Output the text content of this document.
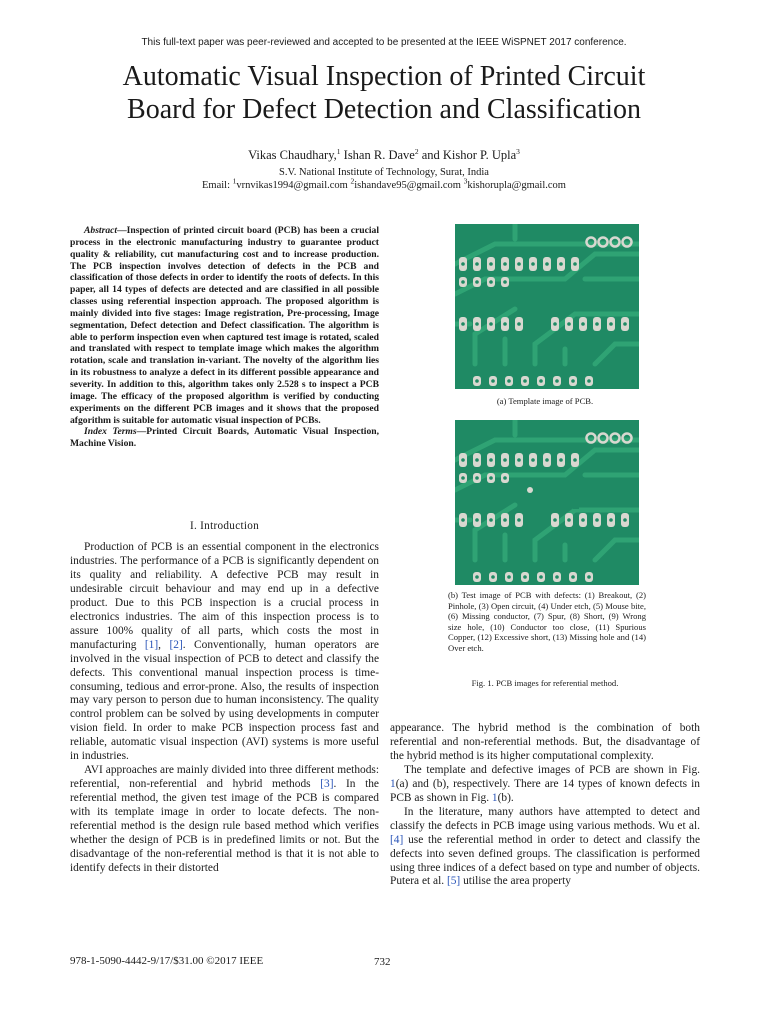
This full-text paper was peer-reviewed and accepted to be presented at the IEEE WiSPNET 2017 conference.
Automatic Visual Inspection of Printed Circuit
Board for Defect Detection and Classification
Vikas Chaudhary,$^1$ Ishan R. Dave$^2$ and Kishor P. Upla$^3$
S.V. National Institute of Technology, Surat, India
Email: $^1$vrnvikas1994@gmail.com $^2$ishandave95@gmail.com $^3$kishorupla@gmail.com

Abstract—Inspection of printed circuit board (PCB) has been a crucial process in the electronic manufacturing industry to guarantee product quality & reliability, cut manufacturing cost and to increase production. The PCB inspection involves detection of defects in the PCB and classification of those defects in order to identify the roots of defects. In this paper, all 14 types of defects are detected and are classified in all possible classes using referential inspection approach. The proposed algorithm is mainly divided into five stages: Image registration, Pre-processing, Image segmentation, Defect detection and Defect classification. The algorithm is able to perform inspection even when captured test image is rotated, scaled and translated with respect to template image which makes the algorithm rotation, scale and translation in-variant. The novelty of the algorithm lies in its robustness to analyze a defect in its different possible appearance and severity. In addition to this, algorithm takes only 2.528 s to inspect a PCB image. The efficacy of the proposed algorithm is verified by conducting experiments on the different PCB images and it shows that the proposed afgorithm is suitable for automatic visual inspection of PCBs.

Index Terms—Printed Circuit Boards, Automatic Visual Inspection, Machine Vision.

I. Introduction

Production of PCB is an essential component in the electronics industries. The performance of a PCB is significantly dependent on its quality and reliability. A defective PCB may result in undesirable circuit behaviour and may end up in a defective product. Due to this PCB inspection is a crucial process in electronics industries. The aim of this inspection process is to assure 100% quality of all parts, which costs the most in manufacturing [1], [2]. Conventionally, human operators are involved in the visual inspection of PCB to detect and classify the defects. This conventional manual inspection process is time-consuming, tedious and error-prone. Also, the results of inspection may vary person to person due to human inconsistency. The quality control problem can be solved by using developments in computer vision field. In order to make PCB inspection process fast and reliable, automatic visual inspection (AVI) systems is more useful in industries.

AVI approaches are mainly divided into three different methods: referential, non-referential and hybrid methods [3]. In the referential method, the given test image of the PCB is compared with its template image in order to locate defects. The non-referential method is the design rule based method which verifies whether the design of PCB is in predefined limits or not. But the disadvantage of the non-referential method is that it is not able to identify defects in their distorted

(a) Template image of PCB.
(b) Test image of PCB with defects: (1) Breakout, (2) Pinhole, (3) Open circuit, (4) Under etch, (5) Mouse bite, (6) Missing conductor, (7) Spur, (8) Short, (9) Wrong size hole, (10) Conductor too close, (11) Spurious Copper, (12) Excessive short, (13) Missing hole and (14) Over etch.
Fig. 1. PCB images for referential method.

appearance. The hybrid method is the combination of both referential and non-referential methods. But, the disadvantage of the hybrid method is its higher computational complexity.

The template and defective images of PCB are shown in Fig. 1(a) and (b), respectively. There are 14 types of known defects in PCB as shown in Fig. 1(b).

In the literature, many authors have attempted to detect and classify the defects in PCB image using various methods. Wu et al. [4] use the referential method in order to detect and classify the defects into seven defined groups. The classification is performed using three indices of a defect based on type and number of objects. Putera et al. [5] utilise the area property

978-1-5090-4442-9/17/$31.00 ©2017 IEEE	732
